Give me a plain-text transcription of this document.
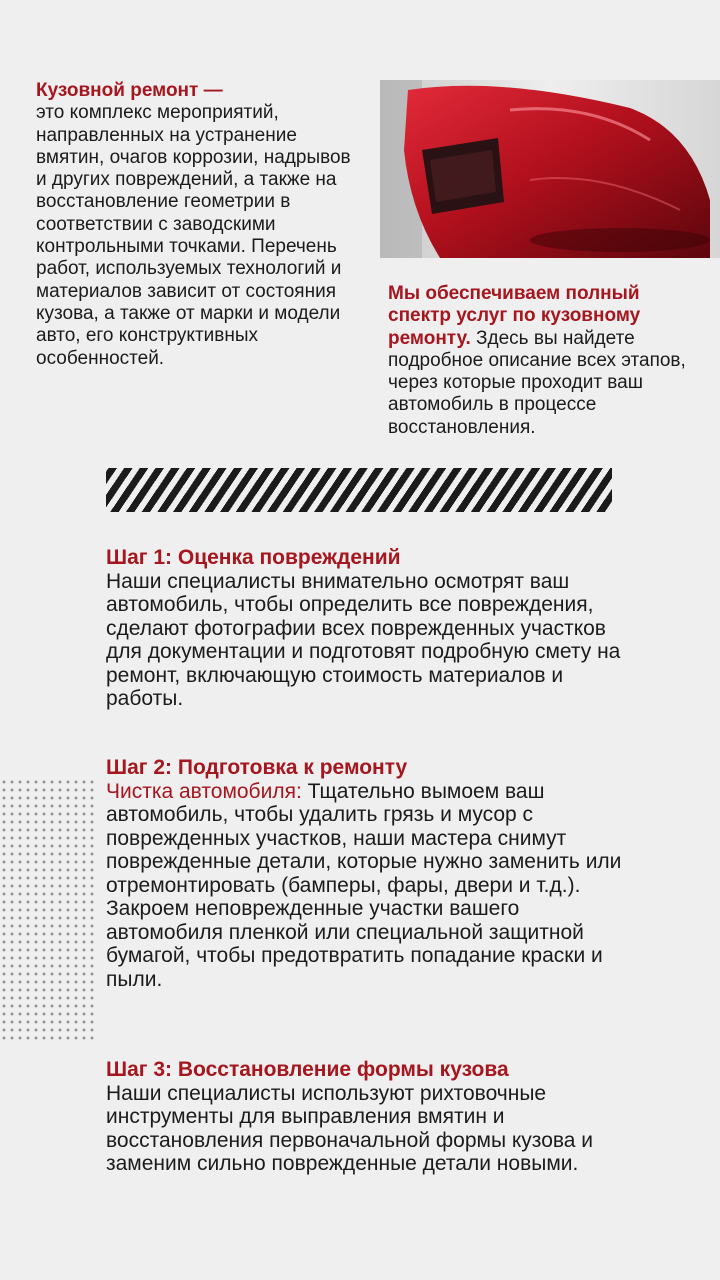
Кузовной ремонт —
это комплекс мероприятий, направленных на устранение вмятин, очагов коррозии, надрывов и других повреждений, а также на восстановление геометрии в соответствии с заводскими контрольными точками. Перечень работ, используемых технологий и материалов зависит от состояния кузова, а также от марки и модели авто, его конструктивных особенностей.

Мы обеспечиваем полный спектр услуг по кузовному ремонту. Здесь вы найдете подробное описание всех этапов, через которые проходит ваш автомобиль в процессе восстановления.

Шаг 1: Оценка повреждений
Наши специалисты внимательно осмотрят ваш автомобиль, чтобы определить все повреждения, сделают фотографии всех поврежденных участков для документации и подготовят подробную смету на ремонт, включающую стоимость материалов и работы.

Шаг 2: Подготовка к ремонту
Чистка автомобиля: Тщательно вымоем ваш автомобиль, чтобы удалить грязь и мусор с поврежденных участков, наши мастера снимут поврежденные детали, которые нужно заменить или отремонтировать (бамперы, фары, двери и т.д.). Закроем неповрежденные участки вашего автомобиля пленкой или специальной защитной бумагой, чтобы предотвратить попадание краски и пыли.

Шаг 3: Восстановление формы кузова
Наши специалисты используют рихтовочные инструменты для выправления вмятин и восстановления первоначальной формы кузова и заменим сильно поврежденные детали новыми.
